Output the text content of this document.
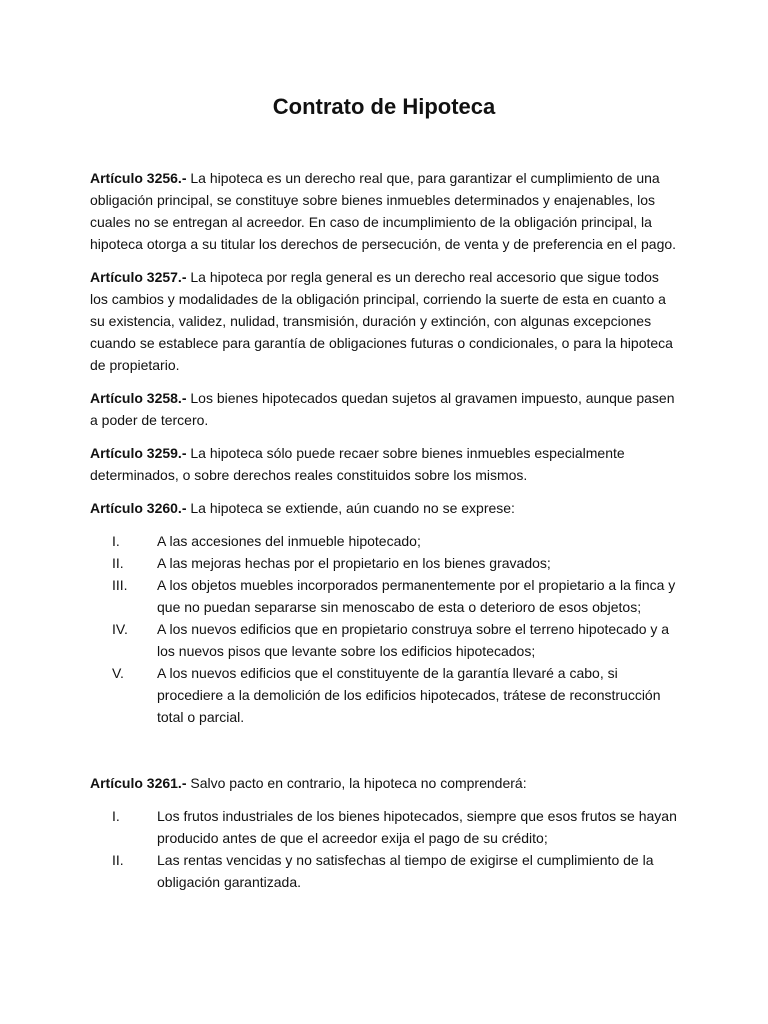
Contrato de Hipoteca

Artículo 3256.- La hipoteca es un derecho real que, para garantizar el cumplimiento de una obligación principal, se constituye sobre bienes inmuebles determinados y enajenables, los cuales no se entregan al acreedor. En caso de incumplimiento de la obligación principal, la hipoteca otorga a su titular los derechos de persecución, de venta y de preferencia en el pago.

Artículo 3257.- La hipoteca por regla general es un derecho real accesorio que sigue todos los cambios y modalidades de la obligación principal, corriendo la suerte de esta en cuanto a su existencia, validez, nulidad, transmisión, duración y extinción, con algunas excepciones cuando se establece para garantía de obligaciones futuras o condicionales, o para la hipoteca de propietario.

Artículo 3258.- Los bienes hipotecados quedan sujetos al gravamen impuesto, aunque pasen a poder de tercero.

Artículo 3259.- La hipoteca sólo puede recaer sobre bienes inmuebles especialmente determinados, o sobre derechos reales constituidos sobre los mismos.

Artículo 3260.- La hipoteca se extiende, aún cuando no se exprese:

I.	A las accesiones del inmueble hipotecado;
II.	A las mejoras hechas por el propietario en los bienes gravados;
III.	A los objetos muebles incorporados permanentemente por el propietario a la finca y que no puedan separarse sin menoscabo de esta o deterioro de esos objetos;
IV.	A los nuevos edificios que en propietario construya sobre el terreno hipotecado y a los nuevos pisos que levante sobre los edificios hipotecados;
V.	A los nuevos edificios que el constituyente de la garantía llevaré a cabo, si procediere a la demolición de los edificios hipotecados, trátese de reconstrucción total o parcial.

Artículo 3261.- Salvo pacto en contrario, la hipoteca no comprenderá:

I.	Los frutos industriales de los bienes hipotecados, siempre que esos frutos se hayan producido antes de que el acreedor exija el pago de su crédito;
II.	Las rentas vencidas y no satisfechas al tiempo de exigirse el cumplimiento de la obligación garantizada.
